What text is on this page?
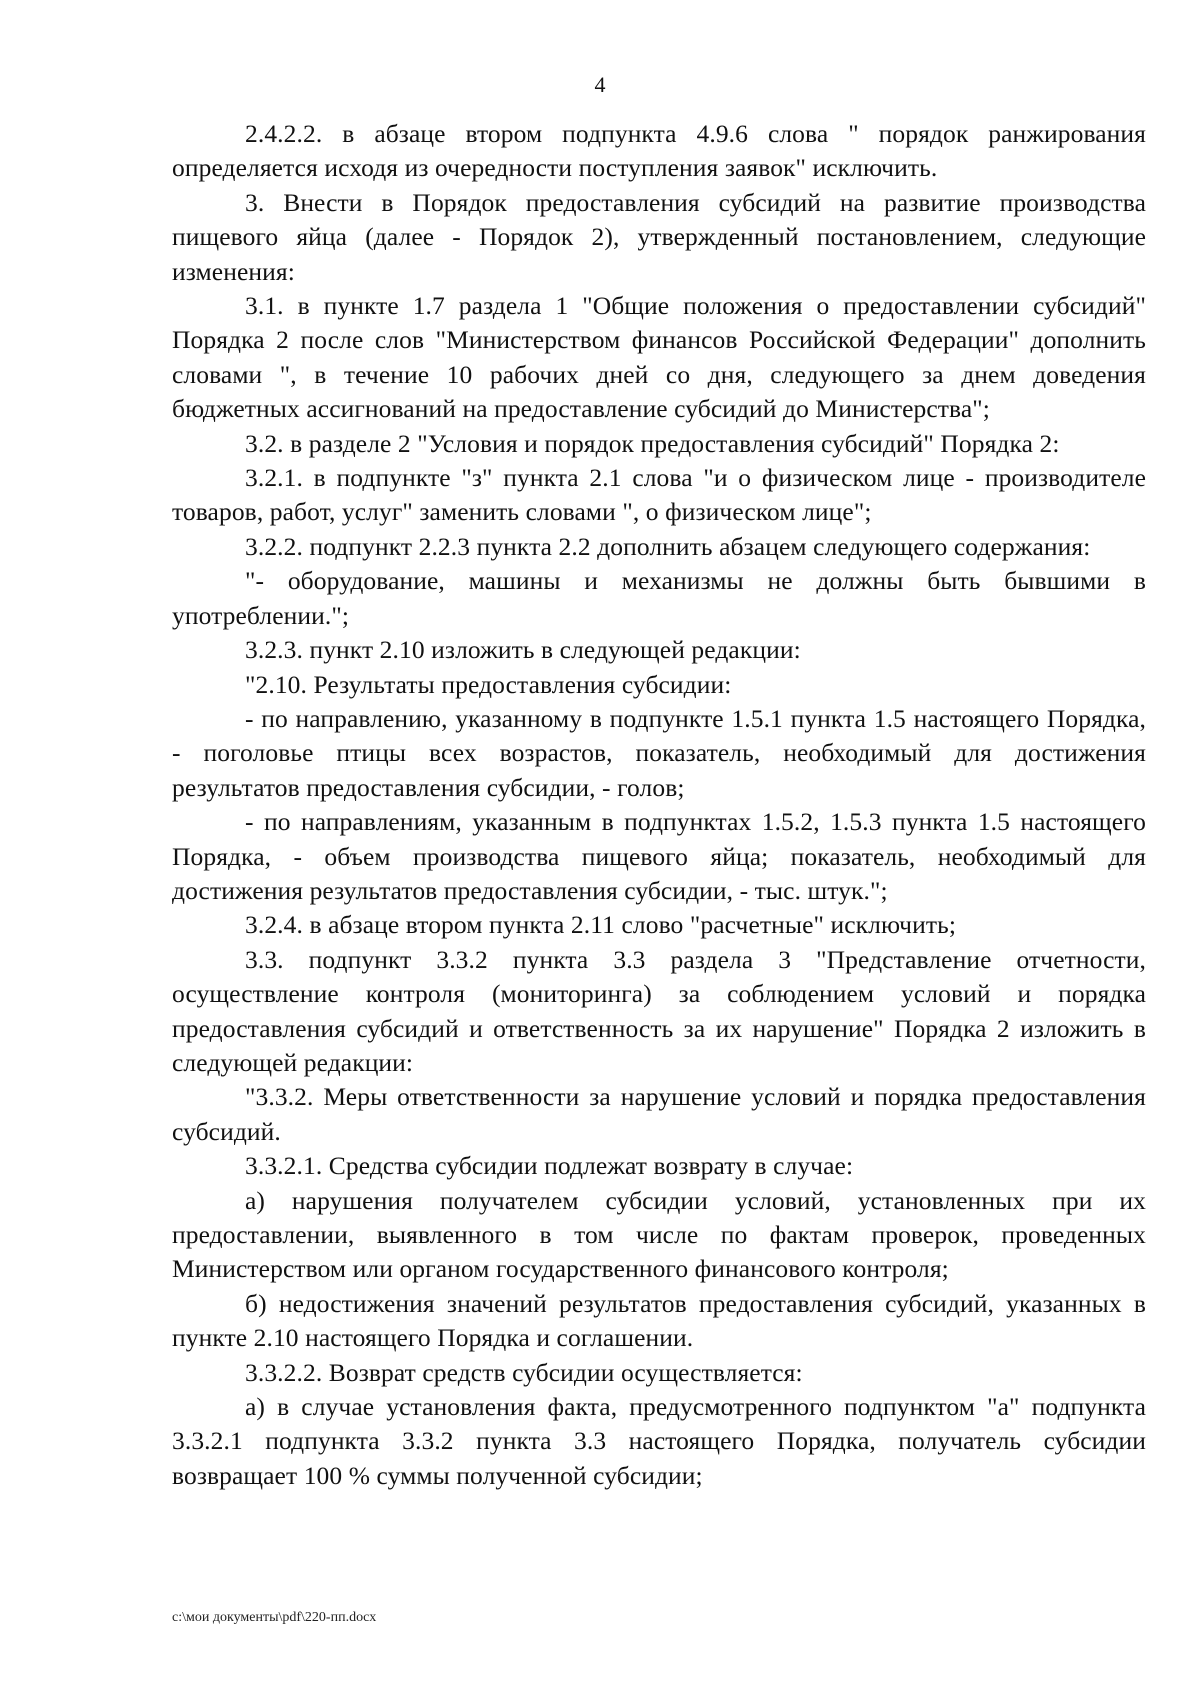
4

2.4.2.2. в абзаце втором подпункта 4.9.6 слова " порядок ранжирования определяется исходя из очередности поступления заявок" исключить.

3. Внести в Порядок предоставления субсидий на развитие производства пищевого яйца (далее - Порядок 2), утвержденный постановлением, следующие изменения:

3.1. в пункте 1.7 раздела 1 "Общие положения о предоставлении субсидий" Порядка 2 после слов "Министерством финансов Российской Федерации" дополнить словами ", в течение 10 рабочих дней со дня, следующего за днем доведения бюджетных ассигнований на предоставление субсидий до Министерства";

3.2. в разделе 2 "Условия и порядок предоставления субсидий" Порядка 2:

3.2.1. в подпункте "з" пункта 2.1 слова "и о физическом лице - производителе товаров, работ, услуг" заменить словами ", о физическом лице";

3.2.2. подпункт 2.2.3 пункта 2.2 дополнить абзацем следующего содержания:

"- оборудование, машины и механизмы не должны быть бывшими в употреблении.";

3.2.3. пункт 2.10 изложить в следующей редакции:

"2.10. Результаты предоставления субсидии:

- по направлению, указанному в подпункте 1.5.1 пункта 1.5 настоящего Порядка, - поголовье птицы всех возрастов, показатель, необходимый для достижения результатов предоставления субсидии, - голов;

- по направлениям, указанным в подпунктах 1.5.2, 1.5.3 пункта 1.5 настоящего Порядка, - объем производства пищевого яйца; показатель, необходимый для достижения результатов предоставления субсидии, - тыс. штук.";

3.2.4. в абзаце втором пункта 2.11 слово "расчетные" исключить;

3.3. подпункт 3.3.2 пункта 3.3 раздела 3 "Представление отчетности, осуществление контроля (мониторинга) за соблюдением условий и порядка предоставления субсидий и ответственность за их нарушение" Порядка 2 изложить в следующей редакции:

"3.3.2. Меры ответственности за нарушение условий и порядка предоставления субсидий.

3.3.2.1. Средства субсидии подлежат возврату в случае:

а) нарушения получателем субсидии условий, установленных при их предоставлении, выявленного в том числе по фактам проверок, проведенных Министерством или органом государственного финансового контроля;

б) недостижения значений результатов предоставления субсидий, указанных в пункте 2.10 настоящего Порядка и соглашении.

3.3.2.2. Возврат средств субсидии осуществляется:

а) в случае установления факта, предусмотренного подпунктом "а" подпункта 3.3.2.1 подпункта 3.3.2 пункта 3.3 настоящего Порядка, получатель субсидии возвращает 100 % суммы полученной субсидии;

c:\мои документы\pdf\220-пп.docx
